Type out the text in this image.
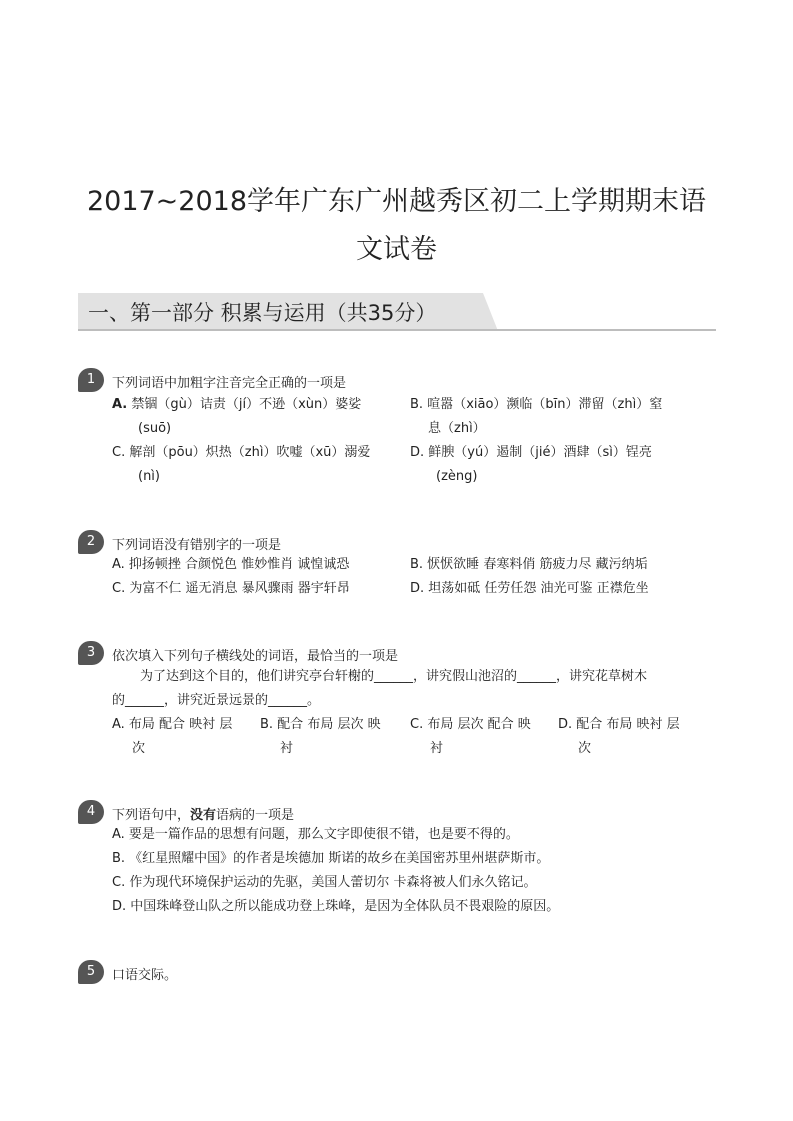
2017~2018学年广东广州越秀区初二上学期期末语
文试卷
一、第一部分 积累与运用（共35分）
1	下列词语中加粗字注音完全正确的一项是
A. 禁锢（gù）诘责（jí）不逊（xùn）婆娑
(suō)
B. 喧嚣（xiāo）濒临（bīn）滞留（zhì）窒
息（zhì）
C. 解剖（pōu）炽热（zhì）吹嘘（xū）溺爱
(nì)
D. 鲜腴（yú）遏制（jié）酒肆（sì）锃亮
(zèng)
2	下列词语没有错别字的一项是
A. 抑扬顿挫 合颜悦色 惟妙惟肖 诚惶诚恐	B. 恹恹欲睡 春寒料俏 筋疲力尽 藏污纳垢
C. 为富不仁 遥无消息 暴风骤雨 器宇轩昂	D. 坦荡如砥 任劳任怨 油光可鉴 正襟危坐
3	依次填入下列句子横线处的词语，最恰当的一项是
为了达到这个目的，他们讲究亭台轩榭的______，讲究假山池沼的______，讲究花草树木
的______，讲究近景远景的______。
A. 布局 配合 映衬 层
次
B. 配合 布局 层次 映
衬
C. 布局 层次 配合 映
衬
D. 配合 布局 映衬 层
次
4	下列语句中，没有语病的一项是
A. 要是一篇作品的思想有问题，那么文字即使很不错，也是要不得的。
B. 《红星照耀中国》的作者是埃德加 斯诺的故乡在美国密苏里州堪萨斯市。
C. 作为现代环境保护运动的先驱，美国人蕾切尔 卡森将被人们永久铭记。
D. 中国珠峰登山队之所以能成功登上珠峰，是因为全体队员不畏艰险的原因。
5	口语交际。
